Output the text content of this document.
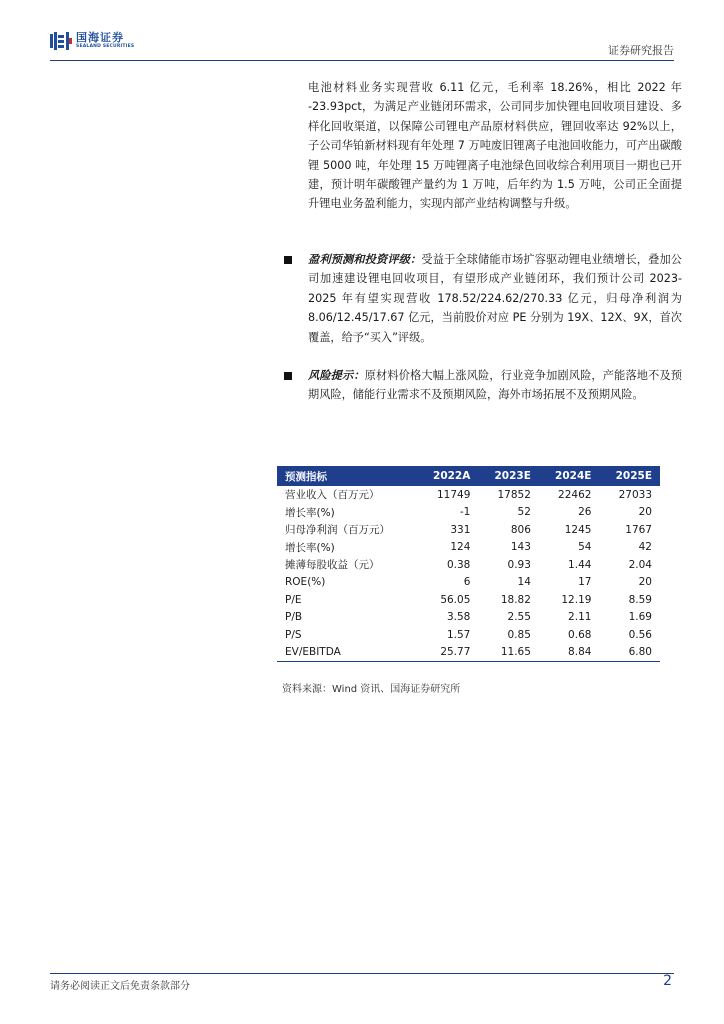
国海证券
SEALAND SECURITIES	证券研究报告
电池材料业务实现营收 6.11 亿元，毛利率 18.26%，相比 2022 年 -23.93pct，为满足产业链闭环需求，公司同步加快锂电回收项目建设、多样化回收渠道，以保障公司锂电产品原材料供应，锂回收率达 92%以上，子公司华铂新材料现有年处理 7 万吨废旧锂离子电池回收能力，可产出碳酸锂 5000 吨，年处理 15 万吨锂离子电池绿色回收综合利用项目一期也已开建，预计明年碳酸锂产量约为 1 万吨，后年约为 1.5 万吨，公司正全面提升锂电业务盈利能力，实现内部产业结构调整与升级。
盈利预测和投资评级：受益于全球储能市场扩容驱动锂电业绩增长，叠加公司加速建设锂电回收项目，有望形成产业链闭环，我们预计公司 2023-2025 年有望实现营收 178.52/224.62/270.33 亿元，归母净利润为 8.06/12.45/17.67 亿元，当前股价对应 PE 分别为 19X、12X、9X，首次覆盖，给予“买入”评级。
风险提示：原材料价格大幅上涨风险，行业竞争加剧风险，产能落地不及预期风险，储能行业需求不及预期风险，海外市场拓展不及预期风险。
预测指标	2022A	2023E	2024E	2025E
营业收入（百万元）	11749	17852	22462	27033
增长率(%)	-1	52	26	20
归母净利润（百万元）	331	806	1245	1767
增长率(%)	124	143	54	42
摊薄每股收益（元）	0.38	0.93	1.44	2.04
ROE(%)	6	14	17	20
P/E	56.05	18.82	12.19	8.59
P/B	3.58	2.55	2.11	1.69
P/S	1.57	0.85	0.68	0.56
EV/EBITDA	25.77	11.65	8.84	6.80
资料来源：Wind 资讯、国海证券研究所
请务必阅读正文后免责条款部分	2
